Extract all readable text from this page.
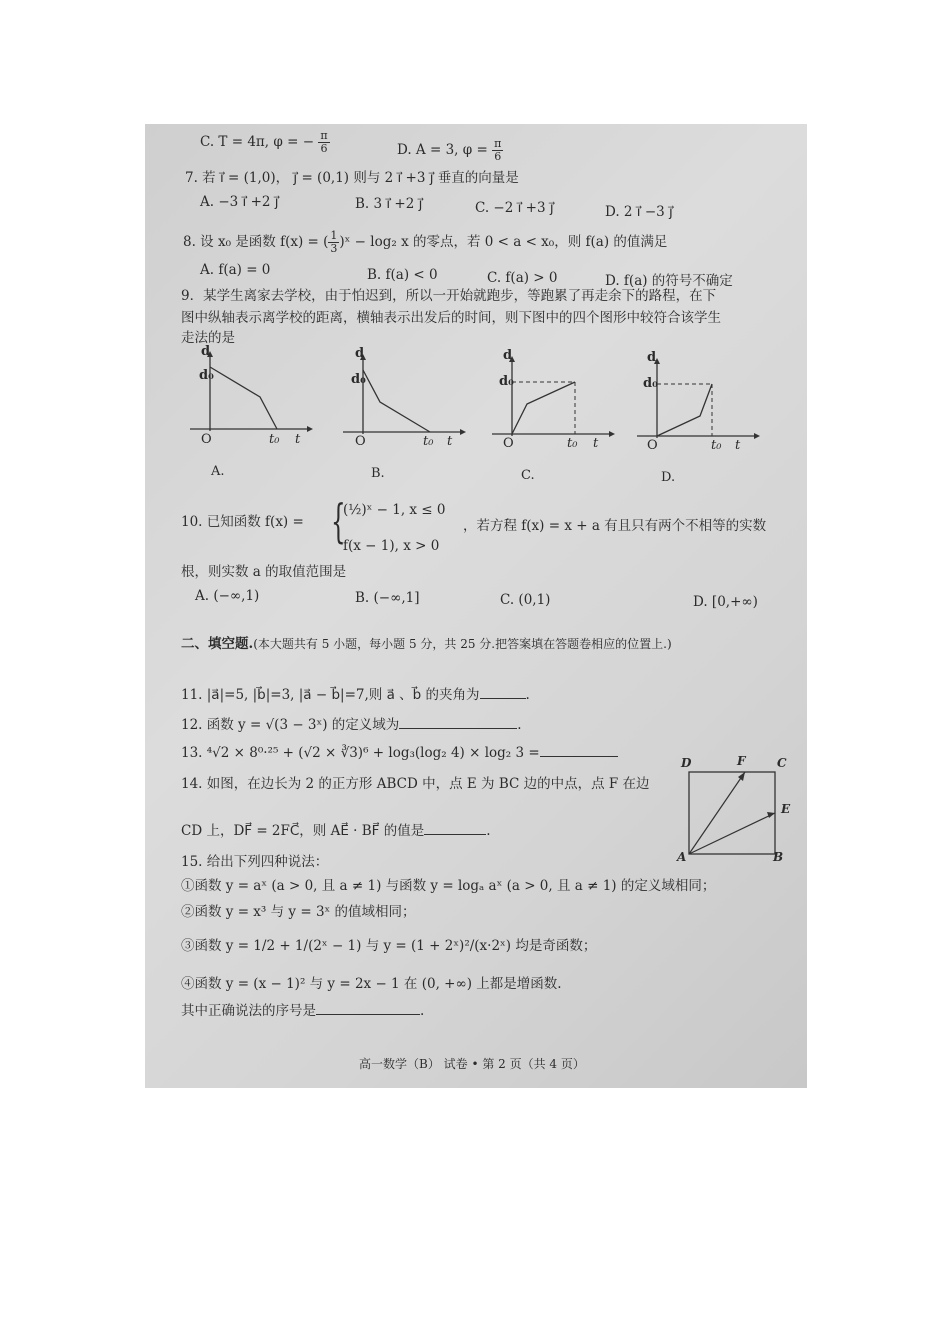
C. T = 4π, φ = − $\frac{\pi}{6}$	D. A = 3, $\varphi = \frac{\pi}{6}$
7. 若 i⃗ = (1,0)， j⃗ = (0,1) 则与 2 i⃗ +3 j⃗ 垂直的向量是
A. −3 i⃗ +2 j⃗	B. 3 i⃗ +2 j⃗	C. −2 i⃗ +3 j⃗	D. 2 i⃗ −3 j⃗
8. 设 x₀ 是函数 f(x) = ( $\frac{1}{3}$ )ˣ − log₂ x 的零点，若 0 < a < x₀，则 f(a) 的值满足
A. f(a) = 0	B. f(a) < 0	C. f(a) > 0	D. f(a) 的符号不确定
9．某学生离家去学校，由于怕迟到，所以一开始就跑步，等跑累了再走余下的路程，在下
图中纵轴表示离学校的距离，横轴表示出发后的时间，则下图中的四个图形中较符合该学生
走法的是
d
d₀
O	t₀ t
A.
d
d₀
O	t₀ t
B.
d
d₀
O	t₀ t
C.
d
d₀
O	t₀ t
D.
10. 已知函数 f(x) = {
(½)ˣ − 1, x ≤ 0
f(x − 1), x > 0
，若方程 f(x) = x + a 有且只有两个不相等的实数
根，则实数 a 的取值范围是
A. (−∞,1)	B. (−∞,1]	C. (0,1)	D. [0,+∞)
二、填空题.(本大题共有 5 小题，每小题 5 分，共 25 分.把答案填在答题卷相应的位置上.)
11. |a⃗|=5, |b⃗|=3, |a⃗ − b⃗|=7,则 a⃗ 、b⃗ 的夹角为	.
12. 函数 y = √(3 − 3ˣ) 的定义域为	.
13. ⁴√2 × 8⁰·²⁵ + (√2 × ∛3)⁶ + log₃(log₂ 4) × log₂ 3 =
14. 如图，在边长为 2 的正方形 ABCD 中，点 E 为 BC 边的中点，点 F 在边
CD 上，DF⃗ = 2FC⃗，则 AE⃗ · BF⃗ 的值是	.
D	F	C
E
A	B
15. 给出下列四种说法：
①函数 y = aˣ (a > 0, 且 a ≠ 1) 与函数 y = logₐ aˣ (a > 0, 且 a ≠ 1) 的定义域相同；
②函数 y = x³ 与 y = 3ˣ 的值域相同；
③函数 y = 1/2 + 1/(2ˣ − 1) 与 y = (1 + 2ˣ)²/(x·2ˣ) 均是奇函数；
④函数 y = (x − 1)² 与 y = 2x − 1 在 (0, +∞) 上都是增函数.
其中正确说法的序号是	.
高一数学（B） 试卷 • 第 2 页（共 4 页）
